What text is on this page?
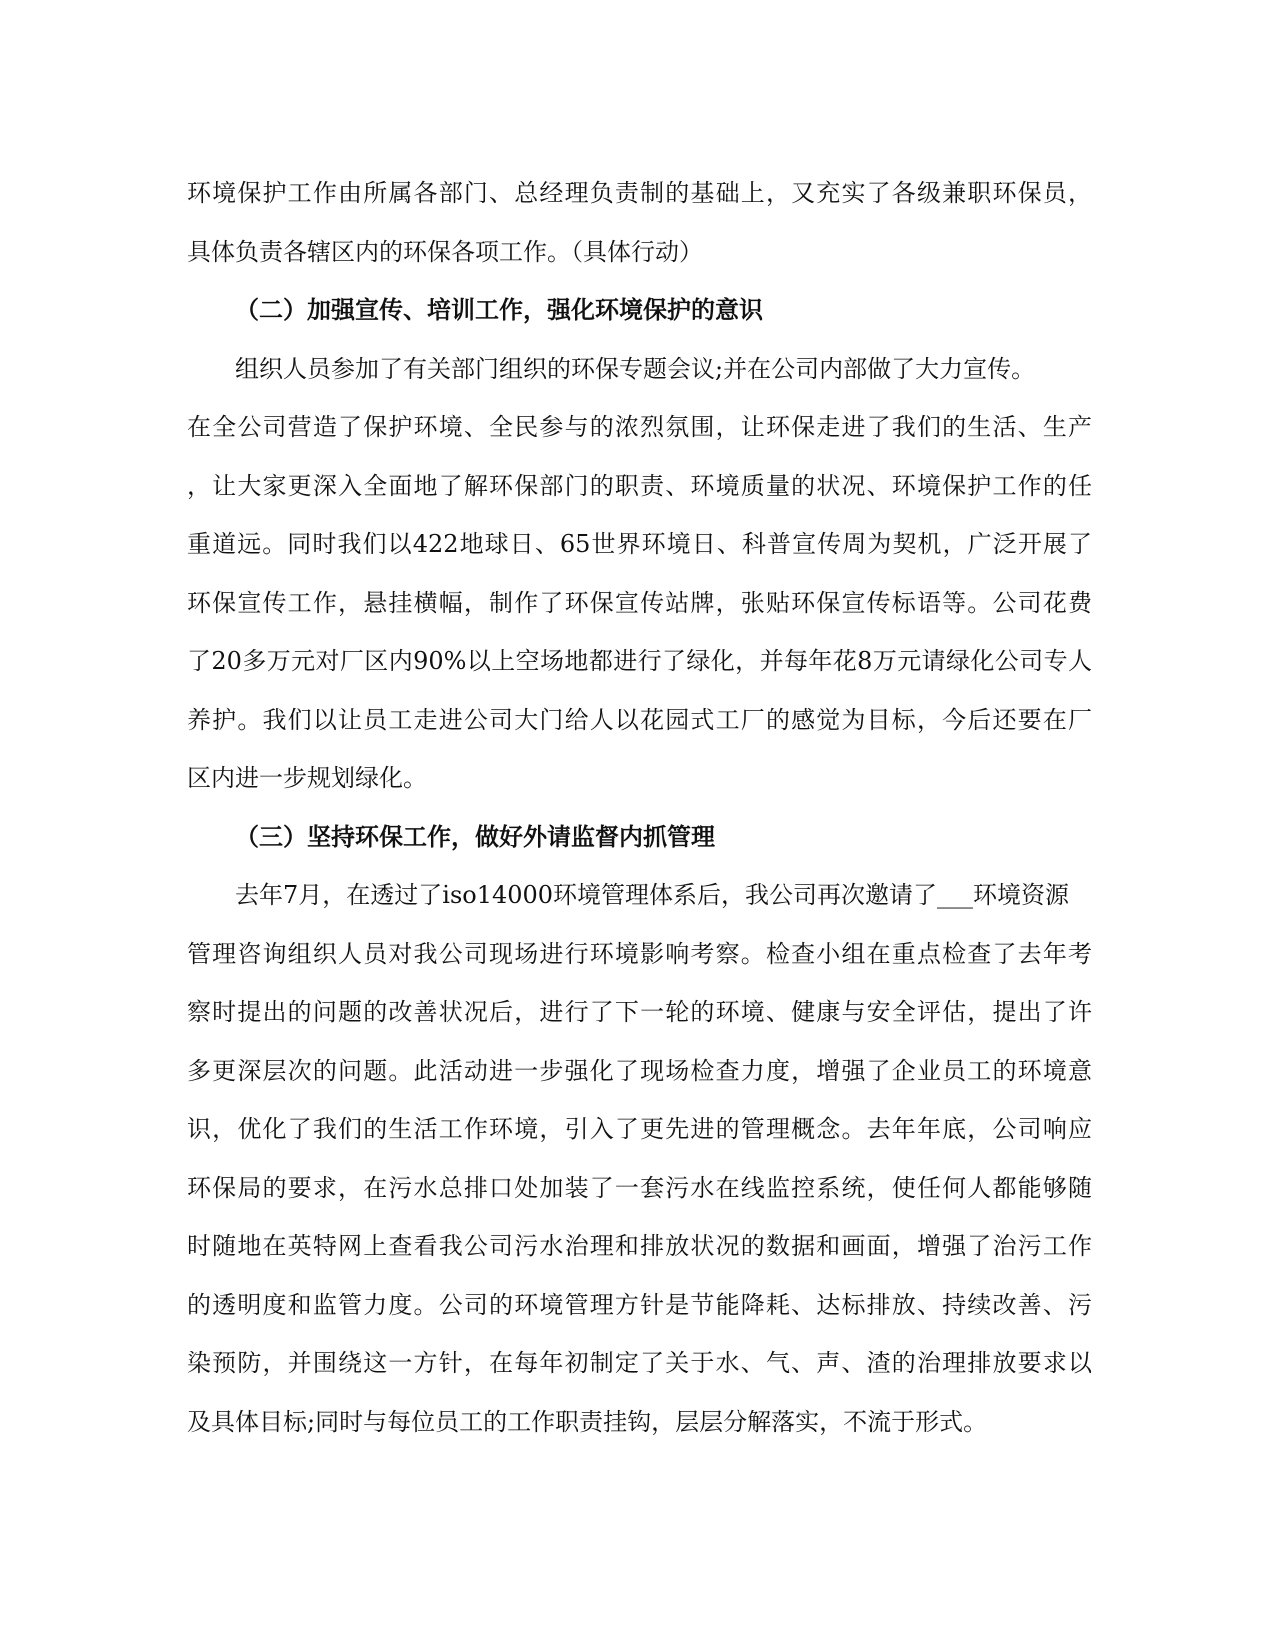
环境保护工作由所属各部门、总经理负责制的基础上，又充实了各级兼职环保员，
具体负责各辖区内的环保各项工作。（具体行动）
（二）加强宣传、培训工作，强化环境保护的意识
组织人员参加了有关部门组织的环保专题会议;并在公司内部做了大力宣传。
在全公司营造了保护环境、全民参与的浓烈氛围，让环保走进了我们的生活、生产
，让大家更深入全面地了解环保部门的职责、环境质量的状况、环境保护工作的任
重道远。同时我们以422地球日、65世界环境日、科普宣传周为契机，广泛开展了
环保宣传工作，悬挂横幅，制作了环保宣传站牌，张贴环保宣传标语等。公司花费
了20多万元对厂区内90%以上空场地都进行了绿化，并每年花8万元请绿化公司专人
养护。我们以让员工走进公司大门给人以花园式工厂的感觉为目标，今后还要在厂
区内进一步规划绿化。
（三）坚持环保工作，做好外请监督内抓管理
去年7月，在透过了iso14000环境管理体系后，我公司再次邀请了___环境资源
管理咨询组织人员对我公司现场进行环境影响考察。检查小组在重点检查了去年考
察时提出的问题的改善状况后，进行了下一轮的环境、健康与安全评估，提出了许
多更深层次的问题。此活动进一步强化了现场检查力度，增强了企业员工的环境意
识，优化了我们的生活工作环境，引入了更先进的管理概念。去年年底，公司响应
环保局的要求，在污水总排口处加装了一套污水在线监控系统，使任何人都能够随
时随地在英特网上查看我公司污水治理和排放状况的数据和画面，增强了治污工作
的透明度和监管力度。公司的环境管理方针是节能降耗、达标排放、持续改善、污
染预防，并围绕这一方针，在每年初制定了关于水、气、声、渣的治理排放要求以
及具体目标;同时与每位员工的工作职责挂钩，层层分解落实，不流于形式。
